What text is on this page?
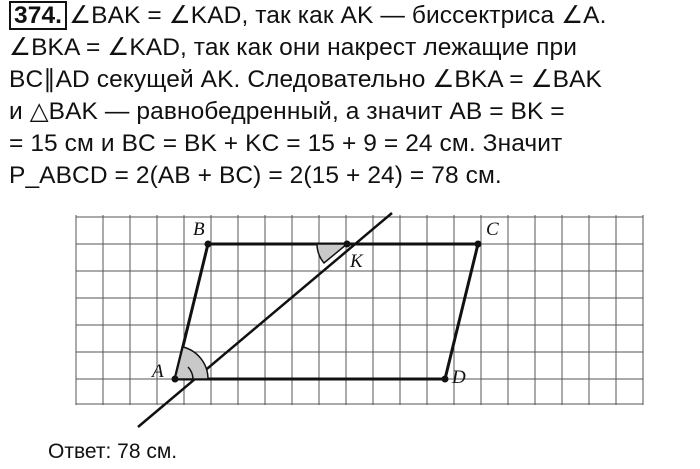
374. ∠BAK = ∠KAD, так как AK — биссектриса ∠A.
∠BKA = ∠KAD, так как они накрест лежащие при
BC∥AD секущей AK. Следовательно ∠BKA = ∠BAK
и △BAK — равнобедренный, а значит AB = BK =
= 15 см и BC = BK + KC = 15 + 9 = 24 см. Значит
P_ABCD = 2(AB + BC) = 2(15 + 24) = 78 см.
A
B	C
D
K
Ответ: 78 см.
